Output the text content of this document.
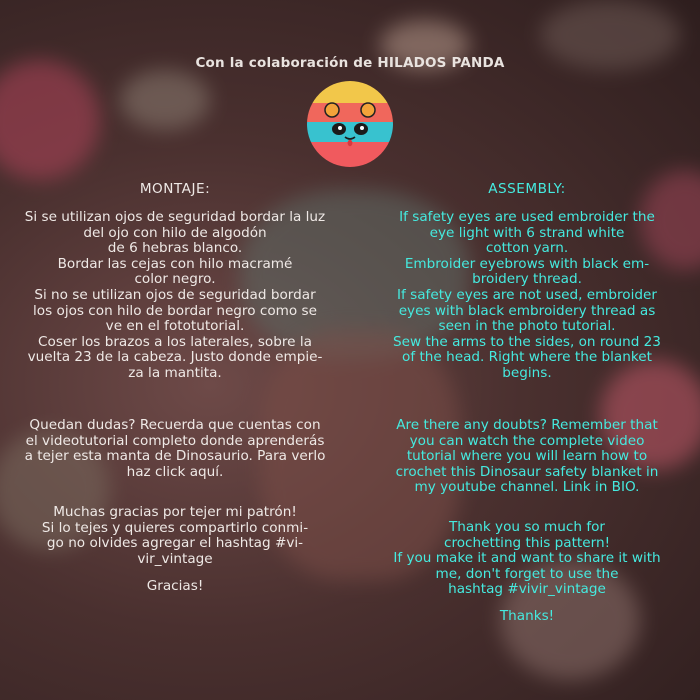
Con la colaboración de HILADOS PANDA
MONTAJE:	ASSEMBLY:

Si se utilizan ojos de seguridad bordar la luz
del ojo con hilo de algodón
de 6 hebras blanco.
Bordar las cejas con hilo macramé
color negro.
Si no se utilizan ojos de seguridad bordar
los ojos con hilo de bordar negro como se
ve en el fototutorial.
Coser los brazos a los laterales, sobre la
vuelta 23 de la cabeza. Justo donde empie-
za la mantita.

Quedan dudas? Recuerda que cuentas con
el videotutorial completo donde aprenderás
a tejer esta manta de Dinosaurio. Para verlo
haz click aquí.

Muchas gracias por tejer mi patrón!
Si lo tejes y quieres compartirlo conmi-
go no olvides agregar el hashtag #vi-
vir_vintage

Gracias!

If safety eyes are used embroider the
eye light with 6 strand white
cotton yarn.
Embroider eyebrows with black em-
broidery thread.
If safety eyes are not used, embroider
eyes with black embroidery thread as
seen in the photo tutorial.
Sew the arms to the sides, on round 23
of the head. Right where the blanket
begins.

Are there any doubts? Remember that
you can watch the complete video
tutorial where you will learn how to
crochet this Dinosaur safety blanket in
my youtube channel. Link in BIO.

Thank you so much for
crochetting this pattern!
If you make it and want to share it with
me, don't forget to use the
hashtag #vivir_vintage

Thanks!
